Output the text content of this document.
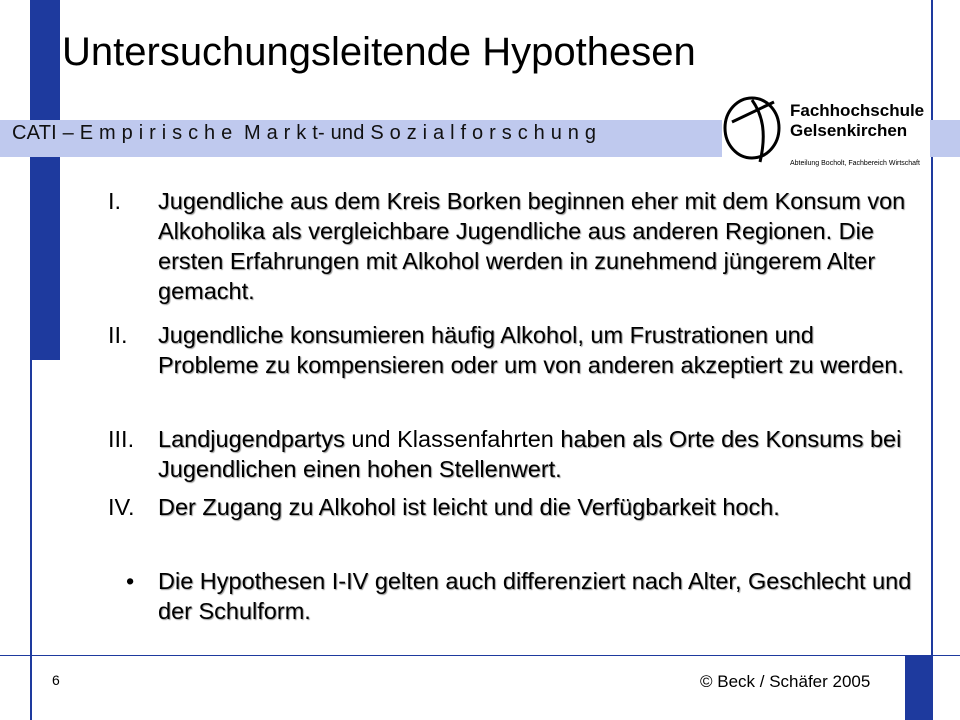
Untersuchungsleitende Hypothesen
CATI – E m p i r i s c h e  M a r k t- und S o z i a l f o r s c h u n g
Fachhochschule
Gelsenkirchen
Abteilung Bocholt, Fachbereich Wirtschaft
I. Jugendliche aus dem Kreis Borken beginnen eher mit dem Konsum von Alkoholika als vergleichbare Jugendliche aus anderen Regionen. Die ersten Erfahrungen mit Alkohol werden in zunehmend jüngerem Alter gemacht.
II. Jugendliche konsumieren häufig Alkohol, um Frustrationen und Probleme zu kompensieren oder um von anderen akzeptiert zu werden.
III. Landjugendpartys und Klassenfahrten haben als Orte des Konsums bei Jugendlichen einen hohen Stellenwert.
IV. Der Zugang zu Alkohol ist leicht und die Verfügbarkeit hoch.
• Die Hypothesen I-IV gelten auch differenziert nach Alter, Geschlecht und der Schulform.
6	© Beck / Schäfer 2005
